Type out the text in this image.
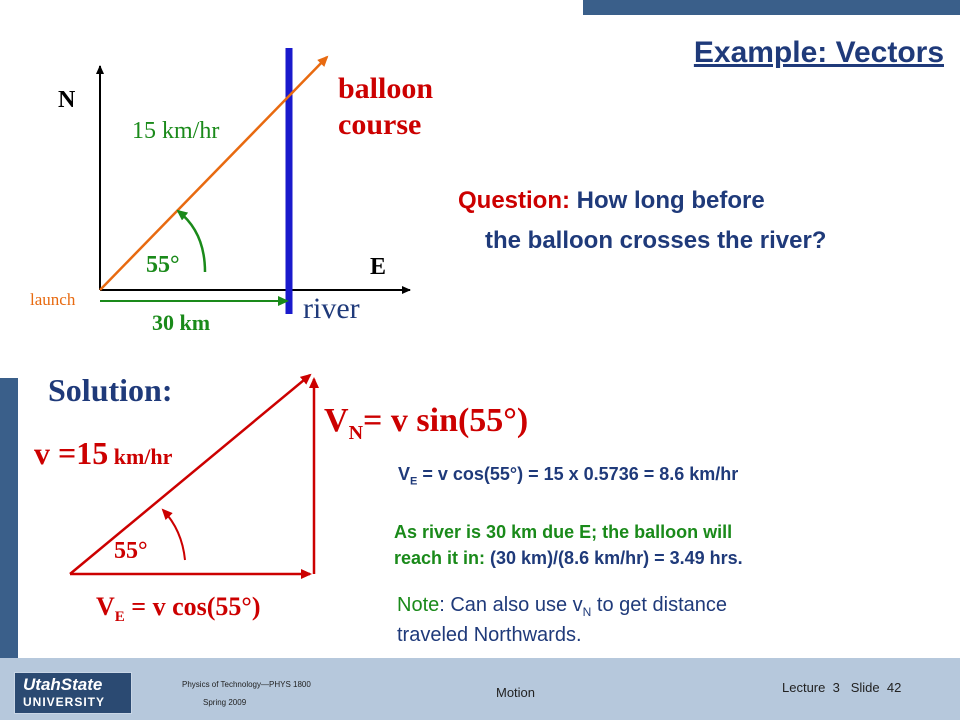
Example: Vectors
N
E
15 km/hr
balloon
course
55°
launch
30 km	river
Question: How long before
the balloon crosses the river?
Solution:
v =15 km/hr
$V_N= v$ sin(55°)
55°
$V_E = v$ cos(55°)
$V_E = v$ cos(55°) = 15 x 0.5736 = 8.6 km/hr
As river is 30 km due E; the balloon will
reach it in: (30 km)/(8.6 km/hr) = 3.49 hrs.
Note: Can also use $v_N$ to get distance
traveled Northwards.
UtahState
UNIVERSITY
Physics of Technology—PHYS 1800
Spring 2009
Motion	Lecture 3 Slide 42
